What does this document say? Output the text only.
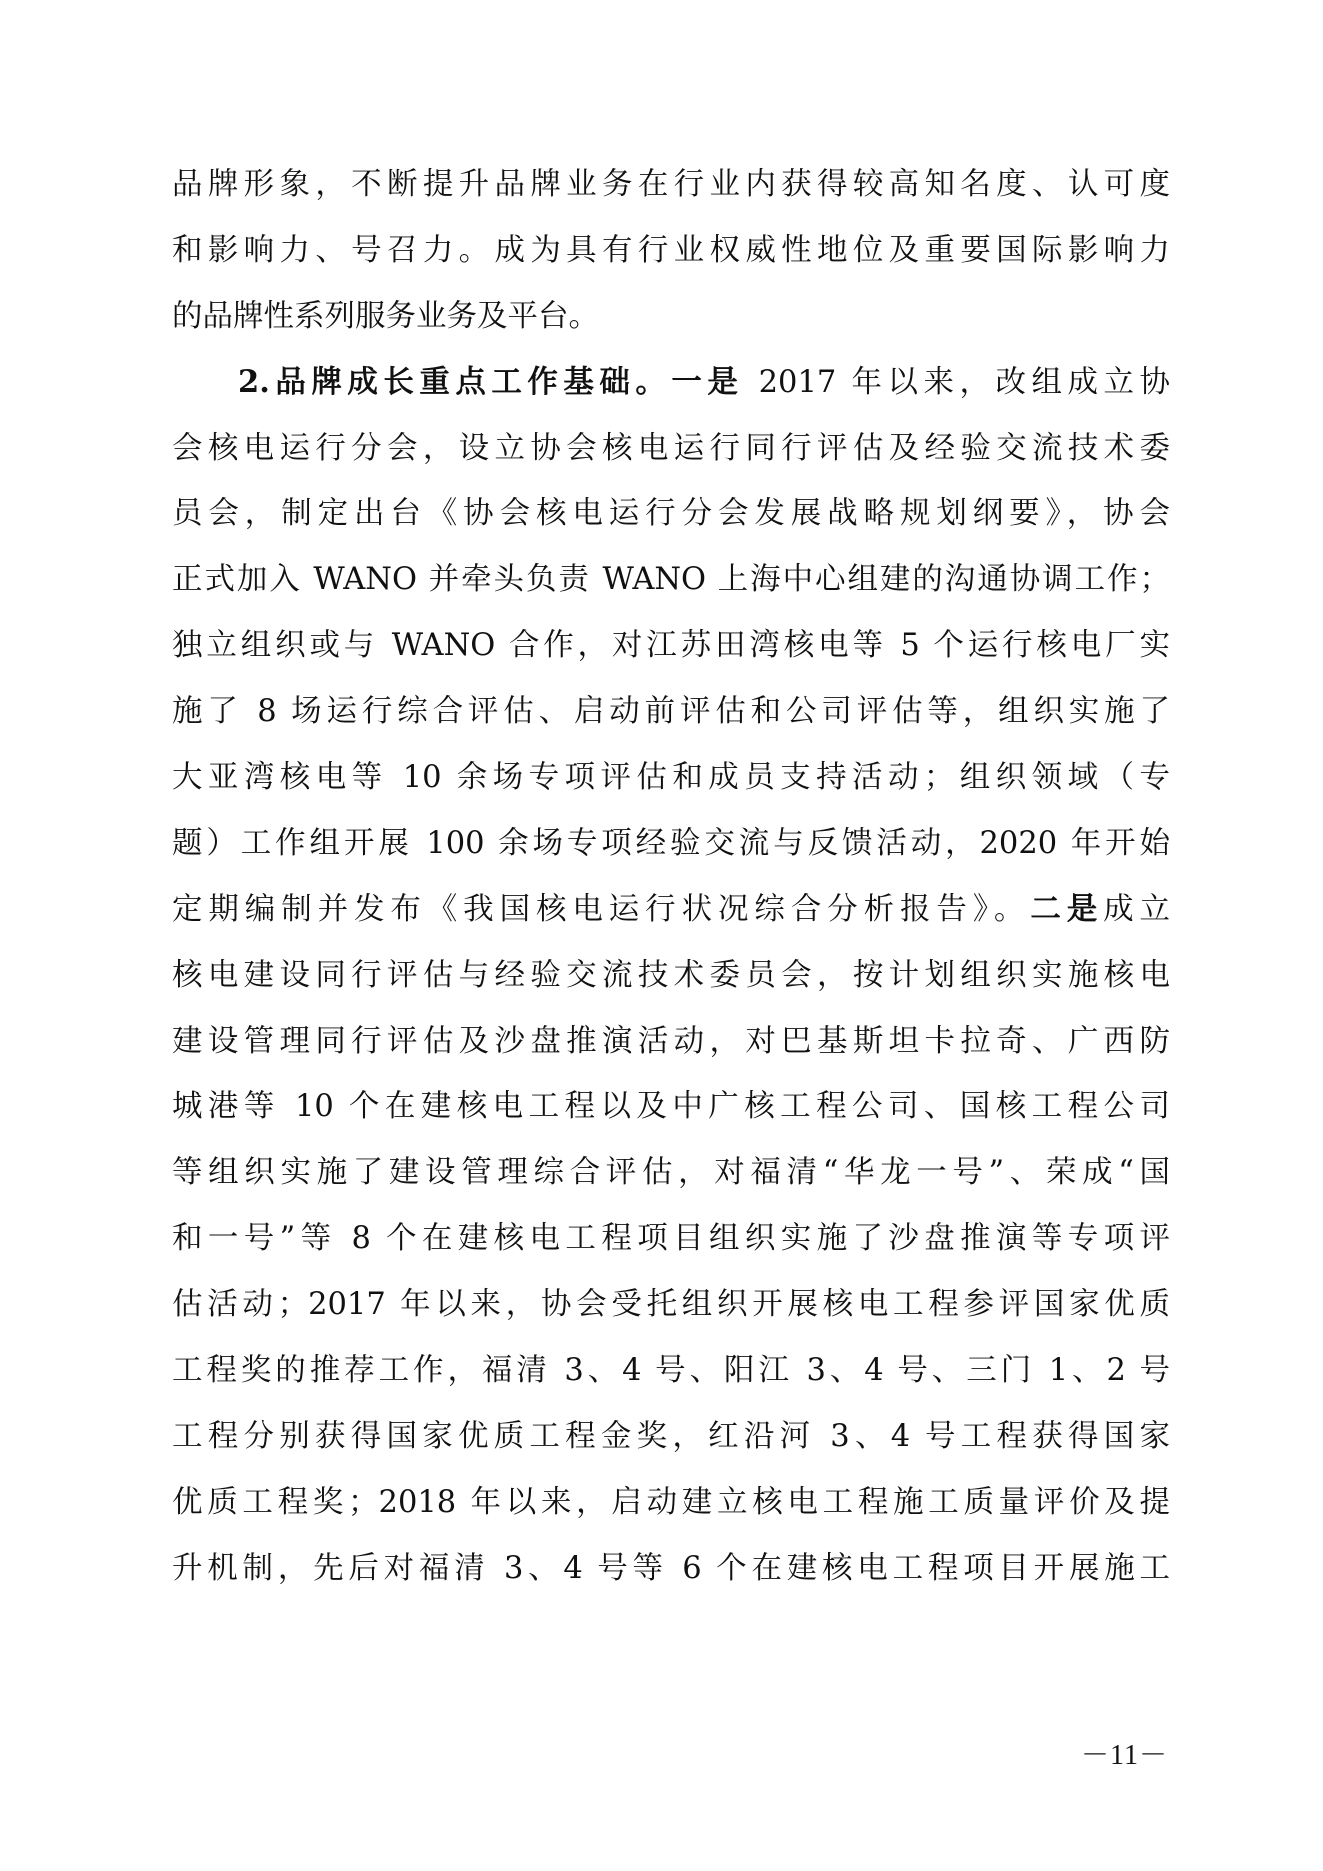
品牌形象，不断提升品牌业务在行业内获得较高知名度、认可度
和影响力、号召力。成为具有行业权威性地位及重要国际影响力
的品牌性系列服务业务及平台。
2.品牌成长重点工作基础。一是 2017 年以来，改组成立协
会核电运行分会，设立协会核电运行同行评估及经验交流技术委
员会，制定出台《协会核电运行分会发展战略规划纲要》，协会
正式加入 WANO 并牵头负责 WANO 上海中心组建的沟通协调工作；
独立组织或与 WANO 合作，对江苏田湾核电等 5 个运行核电厂实
施了 8 场运行综合评估、启动前评估和公司评估等，组织实施了
大亚湾核电等 10 余场专项评估和成员支持活动；组织领域（专
题）工作组开展 100 余场专项经验交流与反馈活动，2020 年开始
定期编制并发布《我国核电运行状况综合分析报告》。二是成立
核电建设同行评估与经验交流技术委员会，按计划组织实施核电
建设管理同行评估及沙盘推演活动，对巴基斯坦卡拉奇、广西防
城港等 10 个在建核电工程以及中广核工程公司、国核工程公司
等组织实施了建设管理综合评估，对福清“华龙一号”、荣成“国
和一号”等 8 个在建核电工程项目组织实施了沙盘推演等专项评
估活动；2017 年以来，协会受托组织开展核电工程参评国家优质
工程奖的推荐工作，福清 3、4 号、阳江 3、4 号、三门 1、2 号
工程分别获得国家优质工程金奖，红沿河 3、4 号工程获得国家
优质工程奖；2018 年以来，启动建立核电工程施工质量评价及提
升机制，先后对福清 3、4 号等 6 个在建核电工程项目开展施工
－11－
